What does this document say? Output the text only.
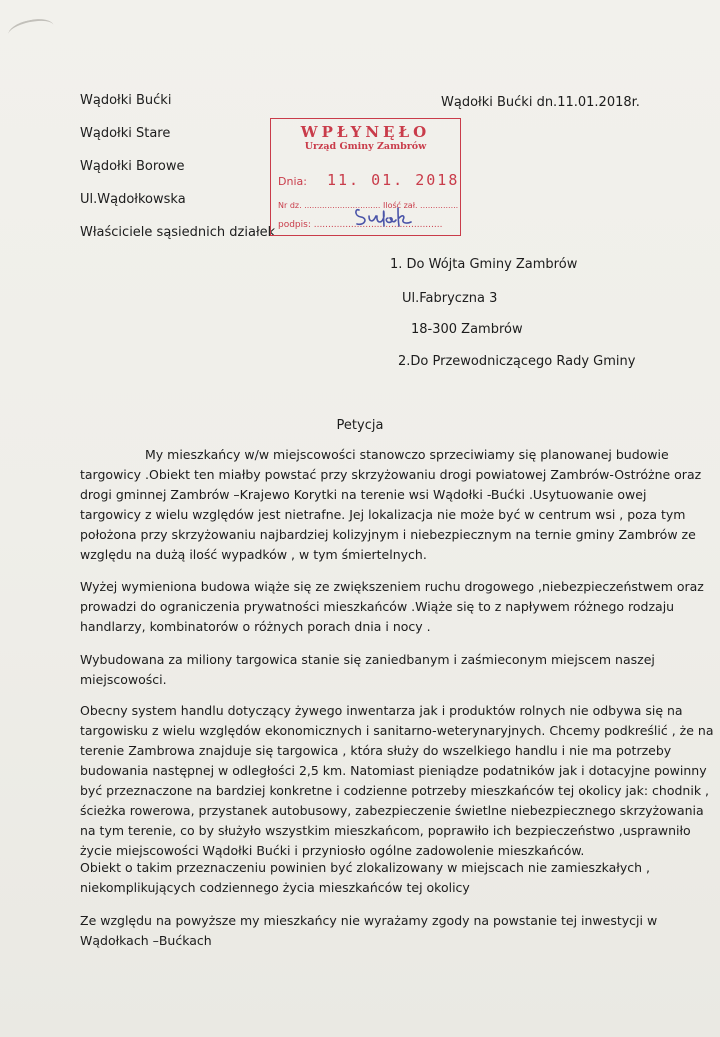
Wądołki Bućki
Wądołki Stare
Wądołki Borowe
Ul.Wądołkowska
Właściciele sąsiednich działek
Wądołki Bućki dn.11.01.2018r.
WPŁYNĘŁO
Urząd Gminy Zambrów
Dnia: 11. 01. 2018
Nr dz. .............................. Ilość zał. ...............
podpis: .............................................
1. Do Wójta Gminy Zambrów
Ul.Fabryczna 3
18-300 Zambrów
2.Do Przewodniczącego Rady Gminy
Petycja
My mieszkańcy w/w miejscowości stanowczo sprzeciwiamy się planowanej budowie
targowicy .Obiekt ten miałby powstać przy skrzyżowaniu drogi powiatowej Zambrów-Ostróżne oraz
drogi gminnej Zambrów –Krajewo Korytki na terenie wsi Wądołki -Bućki .Usytuowanie owej
targowicy z wielu względów jest nietrafne. Jej lokalizacja nie może być w centrum wsi , poza tym
położona przy skrzyżowaniu najbardziej kolizyjnym i niebezpiecznym na ternie gminy Zambrów ze
względu na dużą ilość wypadków , w tym śmiertelnych.
Wyżej wymieniona budowa wiąże się ze zwiększeniem ruchu drogowego ,niebezpieczeństwem oraz
prowadzi do ograniczenia prywatności mieszkańców .Wiąże się to z napływem różnego rodzaju
handlarzy, kombinatorów o różnych porach dnia i nocy .
Wybudowana za miliony targowica stanie się zaniedbanym i zaśmieconym miejscem naszej
miejscowości.
Obecny system handlu dotyczący żywego inwentarza jak i produktów rolnych nie odbywa się na
targowisku z wielu względów ekonomicznych i sanitarno-weterynaryjnych. Chcemy podkreślić , że na
terenie Zambrowa znajduje się targowica , która służy do wszelkiego handlu i nie ma potrzeby
budowania następnej w odległości 2,5 km. Natomiast pieniądze podatników jak i dotacyjne powinny
być przeznaczone na bardziej konkretne i codzienne potrzeby mieszkańców tej okolicy jak: chodnik ,
ścieżka rowerowa, przystanek autobusowy, zabezpieczenie świetlne niebezpiecznego skrzyżowania
na tym terenie, co by służyło wszystkim mieszkańcom, poprawiło ich bezpieczeństwo ,usprawniło
życie miejscowości Wądołki Bućki i przyniosło ogólne zadowolenie mieszkańców.
Obiekt o takim przeznaczeniu powinien być zlokalizowany w miejscach nie zamieszkałych ,
niekomplikujących codziennego życia mieszkańców tej okolicy
Ze względu na powyższe my mieszkańcy nie wyrażamy zgody na powstanie tej inwestycji w
Wądołkach –Bućkach
